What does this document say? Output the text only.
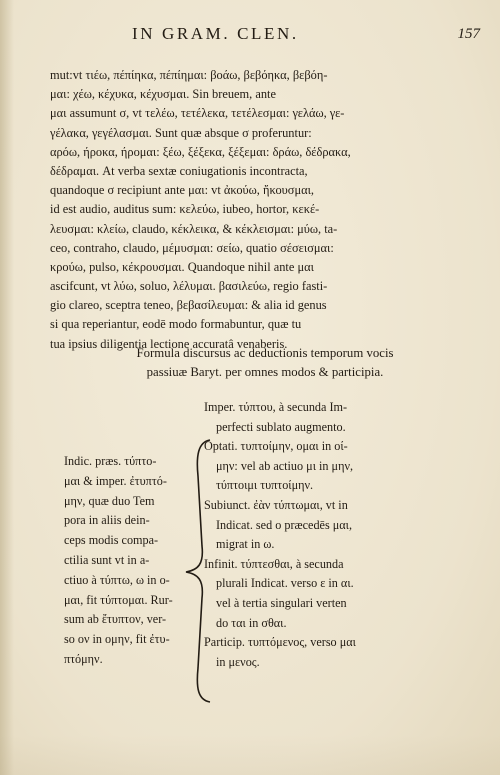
IN GRAM. CLEN.	157
mut:vt τιέω, πέπίηκα, πέπίημαι: βοάω, βεβόηκα, βεβόη-
μαι: χέω, κέχυκα, κέχυσμαι. Sin breuem, ante
μαι assumunt σ, vt τελέω, τετέλεκα, τετέλεσμαι: γελάω, γε-
γέλακα, γεγέλασμαι. Sunt quæ absque σ proferuntur:
αρόω, ήροκα, ήρομαι: ξέω, ξέξεκα, ξέξεμαι: δράω, δέδρακα,
δέδραμαι. At verba sextæ coniugationis incontracta,
quandoque σ recipiunt ante μαι: vt ἀκούω, ἤκουσμαι,
id est audio, auditus sum: κελεύω, iubeo, hortor, κεκέ-
λευσμαι: κλείω, claudo, κέκλεικα, & κέκλεισμαι: μύω, ta-
ceo, contraho, claudo, μέμυσμαι: σείω, quatio σέσεισμαι:
κρούω, pulso, κέκρουσμαι. Quandoque nihil ante μαι
ascifcunt, vt λύω, soluo, λέλυμαι. βασιλεύω, regio fasti-
gio clareo, sceptra teneo, βεβασίλευμαι: & alia id genus
si qua reperiantur, eodē modo formabuntur, quæ tu
tua ipsius diligentia lectione accuratâ venaberis.
Formula discursus ac deductionis temporum vocis
passiuæ Baryt. per omnes modos & participia.
Indic. præs. τύπτο-
μαι & imper. ἐτυπτό-
μην, quæ duo Tem
pora in aliis dein-
ceps modis compa-
ctilia sunt vt in a-
ctiuo à τύπτω, ω in ο-
μαι, fit τύπτομαι. Rur-
sum ab ἔτυπτον, ver-
so ον in ομην, fit ἐτυ-
πτόμην.
Imper. τύπτου, à secunda Im-
perfecti sublato augmento.
Optati. τυπτοίμην, ομαι in οί-
μην: vel ab actiuo μι in μην,
τύπτοιμι τυπτοίμην.
Subiunct. ἐὰν τύπτωμαι, vt in
Indicat. sed ο præcedēs μαι,
migrat in ω.
Infinit. τύπτεσθαι, à secunda
plurali Indicat. verso ε in αι.
vel à tertia singulari verten
do ται in σθαι.
Particip. τυπτόμενος, verso μαι
in μενος.
